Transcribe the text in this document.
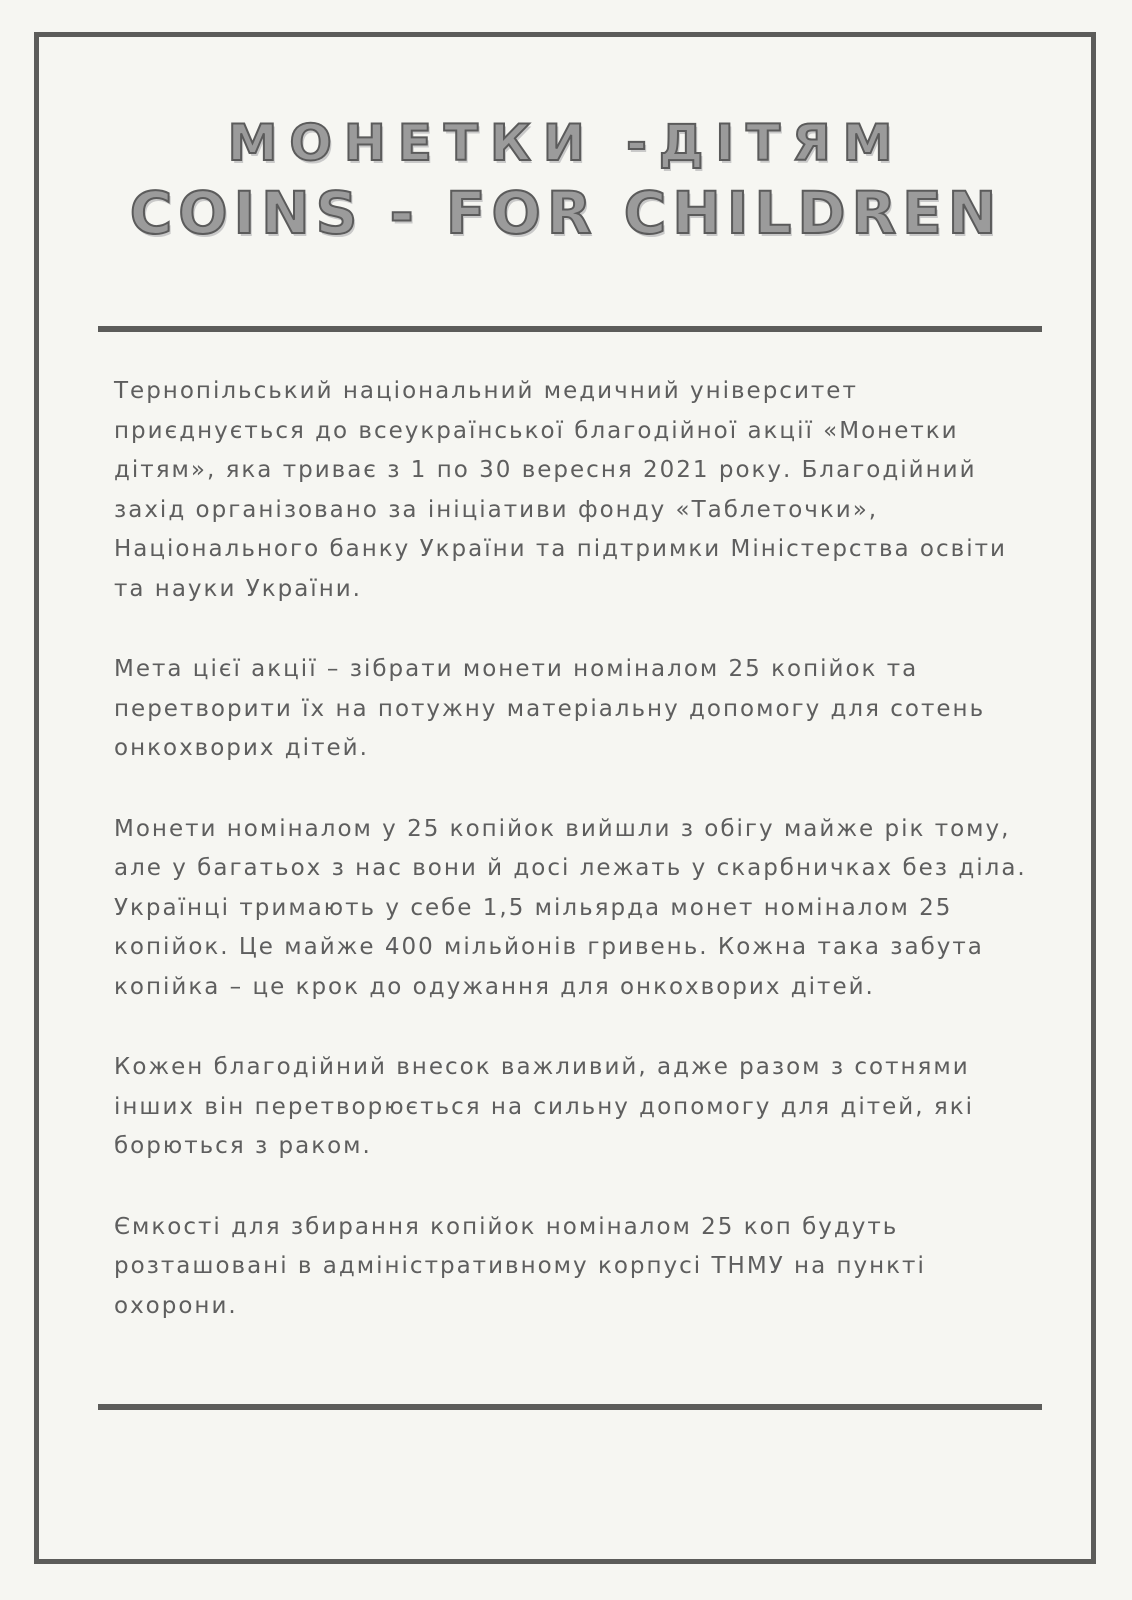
МОНЕТКИ -ДІТЯМ
COINS - FOR CHILDREN

Тернопільський національний медичний університет приєднується до всеукраїнської благодійної акції «Монетки дітям», яка триває з 1 по 30 вересня 2021 року. Благодійний захід організовано за ініціативи фонду «Таблеточки», Національного банку України та підтримки Міністерства освіти та науки України.

Мета цієї акції – зібрати монети номіналом 25 копійок та перетворити їх на потужну матеріальну допомогу для сотень онкохворих дітей.

Монети номіналом у 25 копійок вийшли з обігу майже рік тому, але у багатьох з нас вони й досі лежать у скарбничках без діла. Українці тримають у себе 1,5 мільярда монет номіналом 25 копійок. Це майже 400 мільйонів гривень. Кожна така забута копійка – це крок до одужання для онкохворих дітей.

Кожен благодійний внесок важливий, адже разом з сотнями інших він перетворюється на сильну допомогу для дітей, які борються з раком.

Ємкості для збирання копійок номіналом 25 коп будуть розташовані в адміністративному корпусі ТНМУ на пункті охорони.
